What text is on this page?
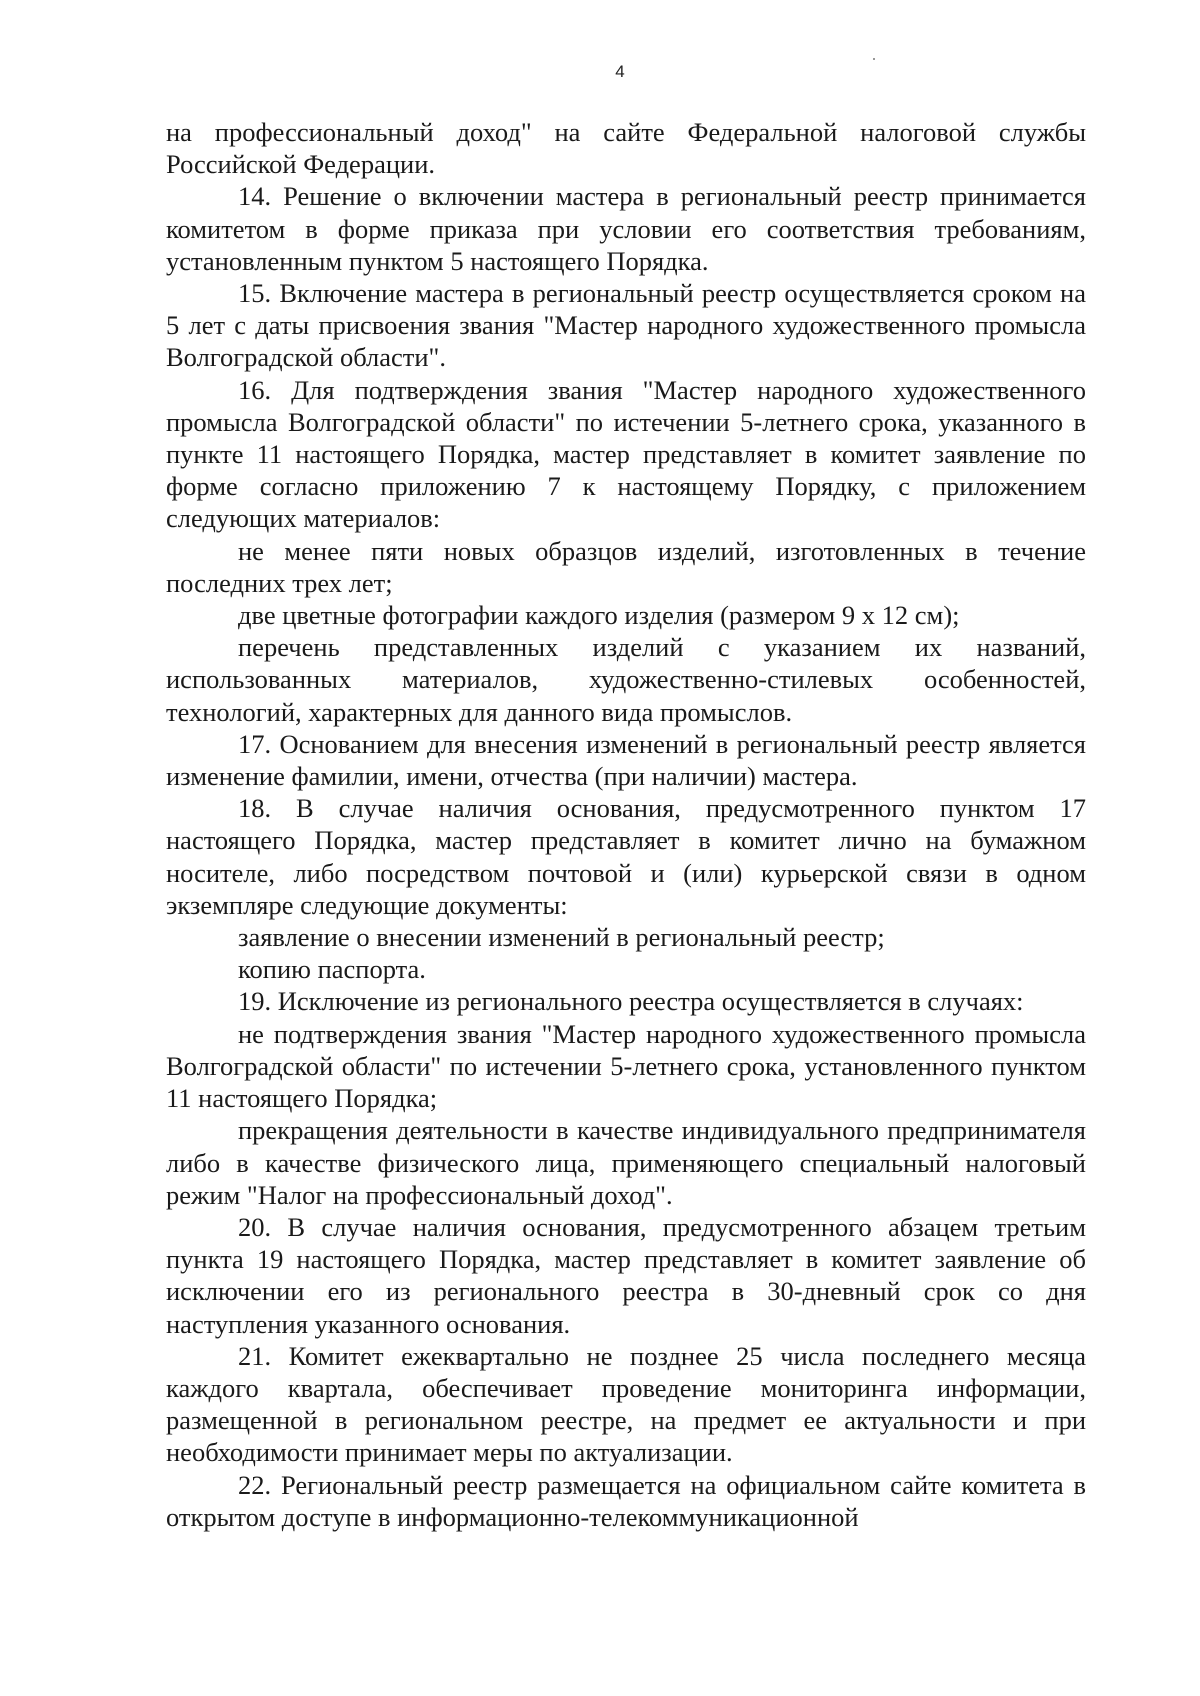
4

на профессиональный доход" на сайте Федеральной налоговой службы Российской Федерации.

14. Решение о включении мастера в региональный реестр принимается комитетом в форме приказа при условии его соответствия требованиям, установленным пунктом 5 настоящего Порядка.

15. Включение мастера в региональный реестр осуществляется сроком на 5 лет с даты присвоения звания "Мастер народного художественного промысла Волгоградской области".

16. Для подтверждения звания "Мастер народного художественного промысла Волгоградской области" по истечении 5-летнего срока, указанного в пункте 11 настоящего Порядка, мастер представляет в комитет заявление по форме согласно приложению 7 к настоящему Порядку, с приложением следующих материалов:

не менее пяти новых образцов изделий, изготовленных в течение последних трех лет;

две цветные фотографии каждого изделия (размером 9 х 12 см);

перечень представленных изделий с указанием их названий, использованных материалов, художественно-стилевых особенностей, технологий, характерных для данного вида промыслов.

17. Основанием для внесения изменений в региональный реестр является изменение фамилии, имени, отчества (при наличии) мастера.

18. В случае наличия основания, предусмотренного пунктом 17 настоящего Порядка, мастер представляет в комитет лично на бумажном носителе, либо посредством почтовой и (или) курьерской связи в одном экземпляре следующие документы:

заявление о внесении изменений в региональный реестр;

копию паспорта.

19. Исключение из регионального реестра осуществляется в случаях:

не подтверждения звания "Мастер народного художественного промысла Волгоградской области" по истечении 5-летнего срока, установленного пунктом 11 настоящего Порядка;

прекращения деятельности в качестве индивидуального предпринимателя либо в качестве физического лица, применяющего специальный налоговый режим "Налог на профессиональный доход".

20. В случае наличия основания, предусмотренного абзацем третьим пункта 19 настоящего Порядка, мастер представляет в комитет заявление об исключении его из регионального реестра в 30-дневный срок со дня наступления указанного основания.

21. Комитет ежеквартально не позднее 25 числа последнего месяца каждого квартала, обеспечивает проведение мониторинга информации, размещенной в региональном реестре, на предмет ее актуальности и при необходимости принимает меры по актуализации.

22. Региональный реестр размещается на официальном сайте комитета в открытом доступе в информационно-телекоммуникационной
